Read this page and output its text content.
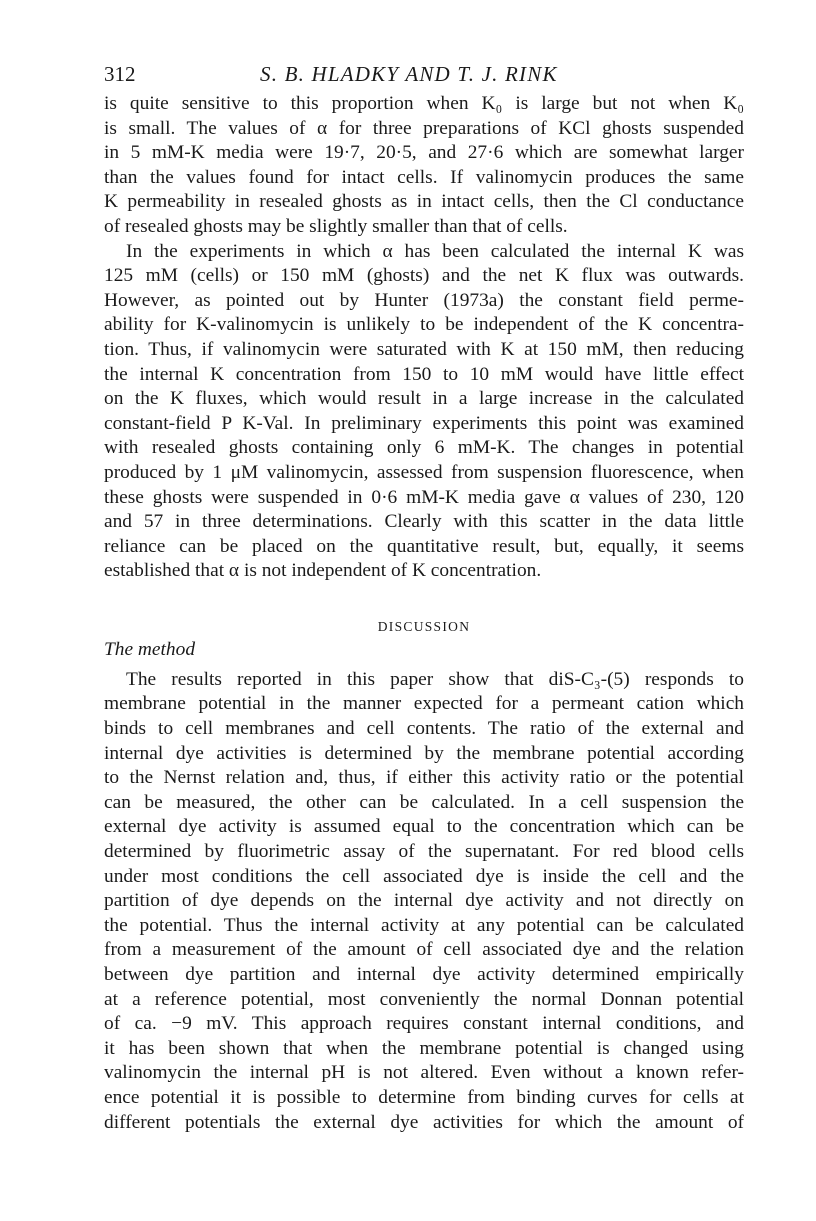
312	S. B. HLADKY AND T. J. RINK

is quite sensitive to this proportion when K₀ is large but not when K₀
is small. The values of α for three preparations of KCl ghosts suspended
in 5 mM-K media were 19·7, 20·5, and 27·6 which are somewhat larger
than the values found for intact cells. If valinomycin produces the same
K permeability in resealed ghosts as in intact cells, then the Cl conductance
of resealed ghosts may be slightly smaller than that of cells.

In the experiments in which α has been calculated the internal K was
125 mM (cells) or 150 mM (ghosts) and the net K flux was outwards.
However, as pointed out by Hunter (1973a) the constant field perme-
ability for K-valinomycin is unlikely to be independent of the K concentra-
tion. Thus, if valinomycin were saturated with K at 150 mM, then reducing
the internal K concentration from 150 to 10 mM would have little effect
on the K fluxes, which would result in a large increase in the calculated
constant-field P K-Val. In preliminary experiments this point was examined
with resealed ghosts containing only 6 mM-K. The changes in potential
produced by 1 μM valinomycin, assessed from suspension fluorescence, when
these ghosts were suspended in 0·6 mM-K media gave α values of 230, 120
and 57 in three determinations. Clearly with this scatter in the data little
reliance can be placed on the quantitative result, but, equally, it seems
established that α is not independent of K concentration.

DISCUSSION
The method

The results reported in this paper show that diS-C₃-(5) responds to
membrane potential in the manner expected for a permeant cation which
binds to cell membranes and cell contents. The ratio of the external and
internal dye activities is determined by the membrane potential according
to the Nernst relation and, thus, if either this activity ratio or the potential
can be measured, the other can be calculated. In a cell suspension the
external dye activity is assumed equal to the concentration which can be
determined by fluorimetric assay of the supernatant. For red blood cells
under most conditions the cell associated dye is inside the cell and the
partition of dye depends on the internal dye activity and not directly on
the potential. Thus the internal activity at any potential can be calculated
from a measurement of the amount of cell associated dye and the relation
between dye partition and internal dye activity determined empirically
at a reference potential, most conveniently the normal Donnan potential
of ca. −9 mV. This approach requires constant internal conditions, and
it has been shown that when the membrane potential is changed using
valinomycin the internal pH is not altered. Even without a known refer-
ence potential it is possible to determine from binding curves for cells at
different potentials the external dye activities for which the amount of
